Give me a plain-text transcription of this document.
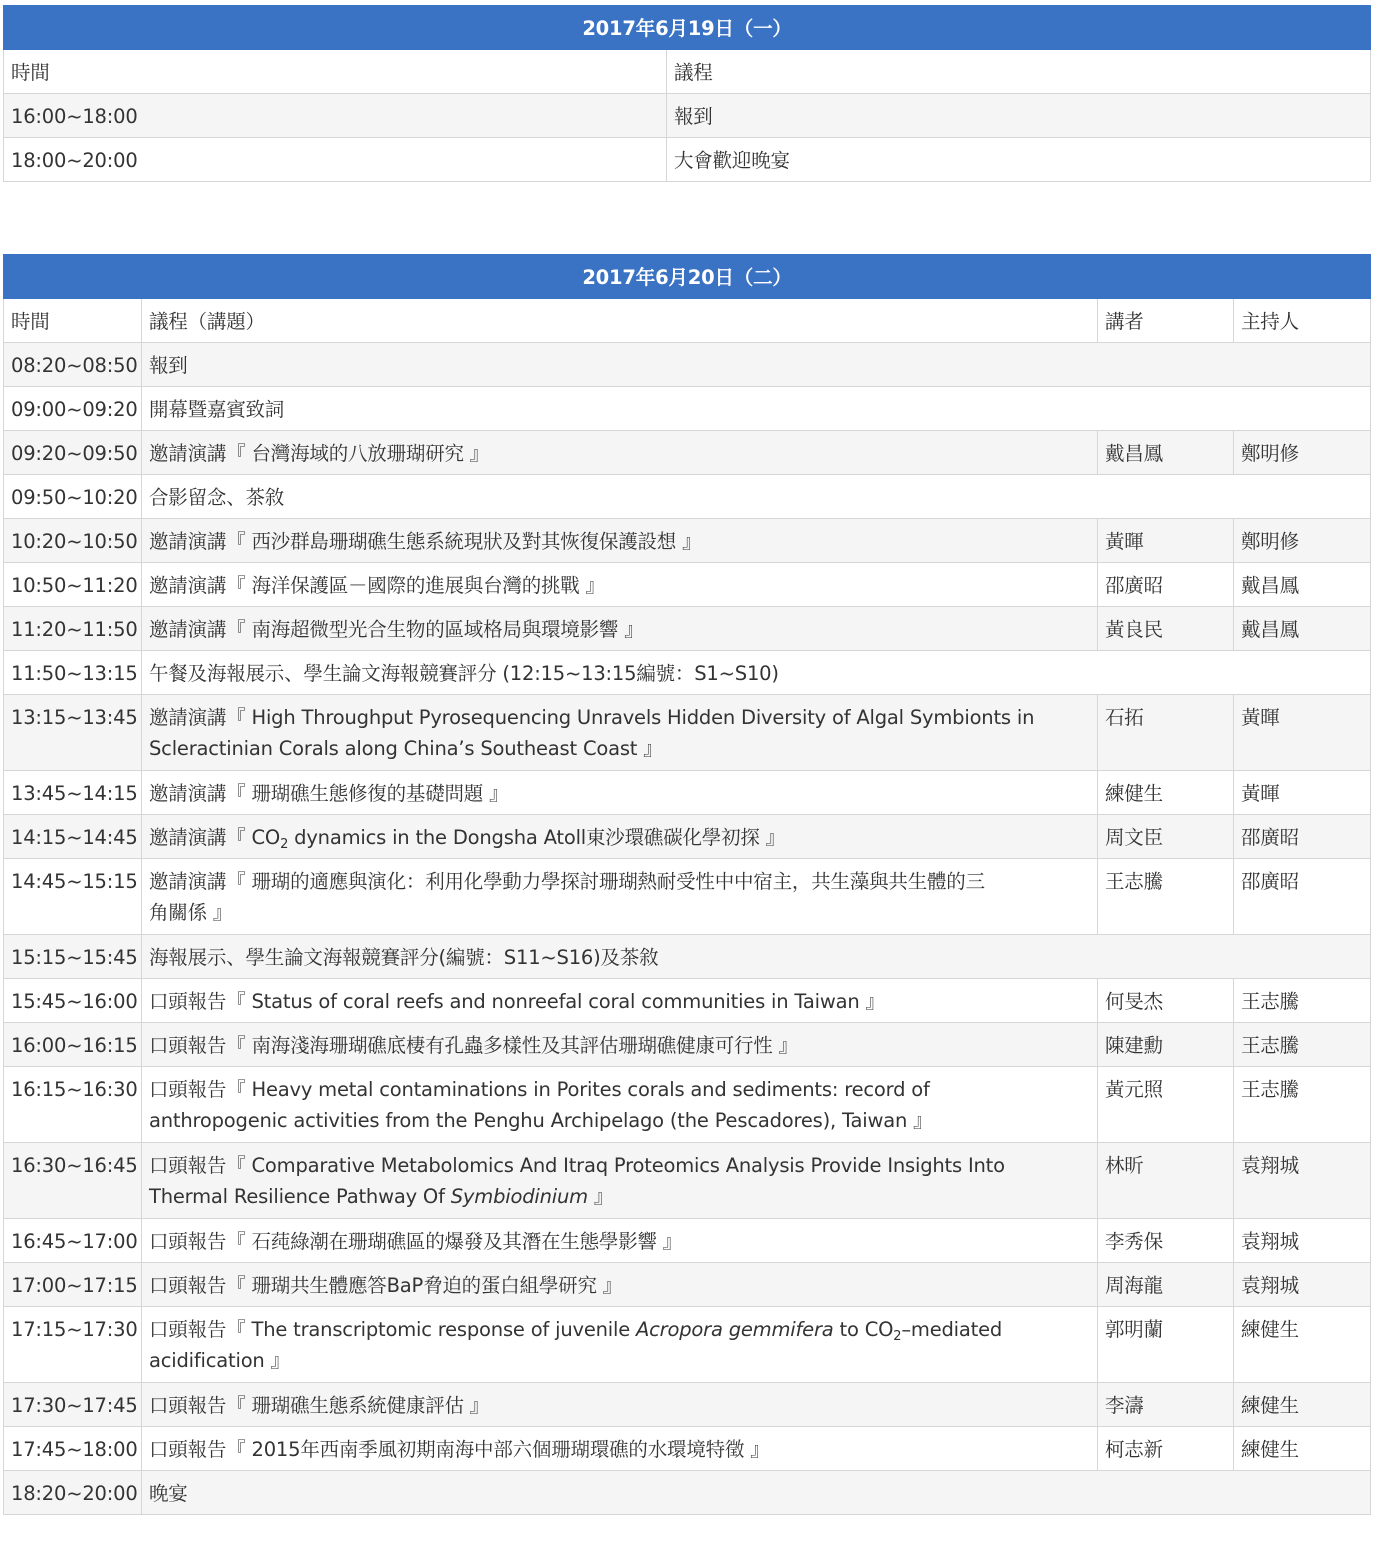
2017年6月19日（一）	
時間	議程
16:00~18:00	報到
18:00~20:00	大會歡迎晚宴
2017年6月20日（二）			
時間	議程（講題）	講者	主持人
08:20~08:50	報到		
09:00~09:20	開幕暨嘉賓致詞		
09:20~09:50	邀請演講『 台灣海域的八放珊瑚研究 』	戴昌鳳	鄭明修
09:50~10:20	合影留念、茶敘		
10:20~10:50	邀請演講『 西沙群島珊瑚礁生態系統現狀及對其恢復保護設想 』	黃暉	鄭明修
10:50~11:20	邀請演講『 海洋保護區－國際的進展與台灣的挑戰 』	邵廣昭	戴昌鳳
11:20~11:50	邀請演講『 南海超微型光合生物的區域格局與環境影響 』	黃良民	戴昌鳳
11:50~13:15	午餐及海報展示、學生論文海報競賽評分 (12:15~13:15編號：S1~S10)		
13:15~13:45	邀請演講『 High Throughput Pyrosequencing Unravels Hidden Diversity of Algal Symbionts in
Scleractinian Corals along China’s Southeast Coast 』	石拓	黃暉
13:45~14:15	邀請演講『 珊瑚礁生態修復的基礎問題 』	練健生	黃暉
14:15~14:45	邀請演講『 $CO_2$ dynamics in the Dongsha Atoll東沙環礁碳化學初探 』	周文臣	邵廣昭
14:45~15:15	邀請演講『 珊瑚的適應與演化：利用化學動力學探討珊瑚熱耐受性中中宿主，共生藻與共生體的三
角關係 』	王志騰	邵廣昭
15:15~15:45	海報展示、學生論文海報競賽評分(編號：S11~S16)及茶敘		
15:45~16:00	口頭報告『 Status of coral reefs and nonreefal coral communities in Taiwan 』	何旻杰	王志騰
16:00~16:15	口頭報告『 南海淺海珊瑚礁底棲有孔蟲多樣性及其評估珊瑚礁健康可行性 』	陳建勳	王志騰
16:15~16:30	口頭報告『 Heavy metal contaminations in Porites corals and sediments: record of
anthropogenic activities from the Penghu Archipelago (the Pescadores), Taiwan 』	黃元照	王志騰
16:30~16:45	口頭報告『 Comparative Metabolomics And Itraq Proteomics Analysis Provide Insights Into
Thermal Resilience Pathway Of Symbiodinium 』	林昕	袁翔城
16:45~17:00	口頭報告『 石莼綠潮在珊瑚礁區的爆發及其潛在生態學影響 』	李秀保	袁翔城
17:00~17:15	口頭報告『 珊瑚共生體應答BaP脅迫的蛋白組學研究 』	周海龍	袁翔城
17:15~17:30	口頭報告『 The transcriptomic response of juvenile Acropora gemmifera to $CO_2$–mediated
acidification 』	郭明蘭	練健生
17:30~17:45	口頭報告『 珊瑚礁生態系統健康評估 』	李濤	練健生
17:45~18:00	口頭報告『 2015年西南季風初期南海中部六個珊瑚環礁的水環境特徵 』	柯志新	練健生
18:20~20:00	晚宴		
